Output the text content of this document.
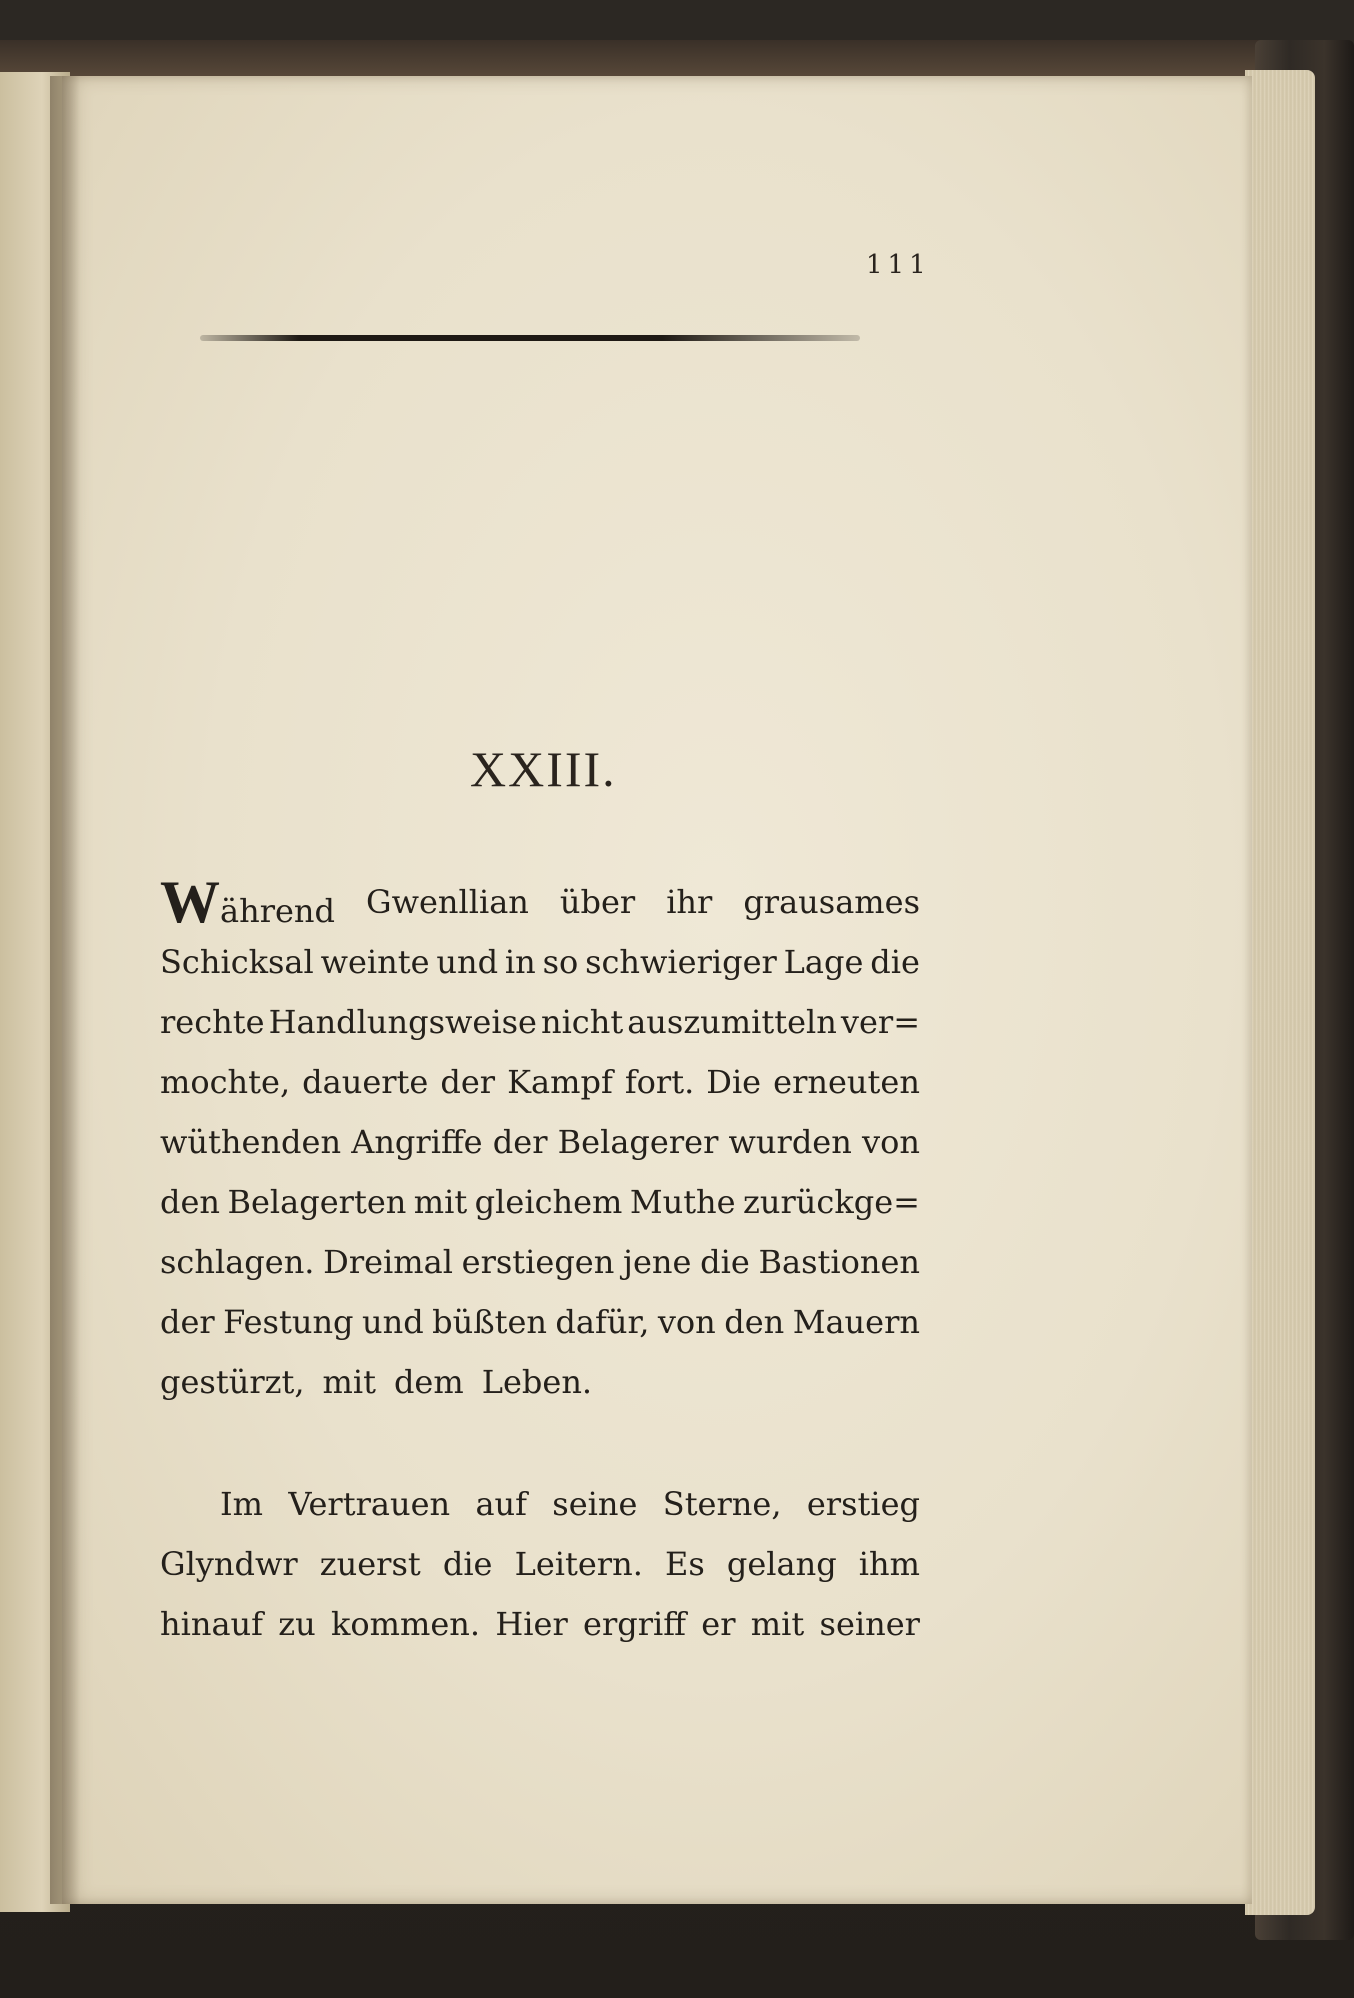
111
XXIII.
Während Gwenllian über ihr grausames
Schicksal weinte und in so schwieriger Lage die
rechte Handlungsweise nicht auszumitteln ver=
mochte, dauerte der Kampf fort. Die erneuten
wüthenden Angriffe der Belagerer wurden von
den Belagerten mit gleichem Muthe zurückge=
schlagen. Dreimal erstiegen jene die Bastionen
der Festung und büßten dafür, von den Mauern
gestürzt, mit dem Leben.
Im Vertrauen auf seine Sterne, erstieg
Glyndwr zuerst die Leitern. Es gelang ihm
hinauf zu kommen. Hier ergriff er mit seiner
